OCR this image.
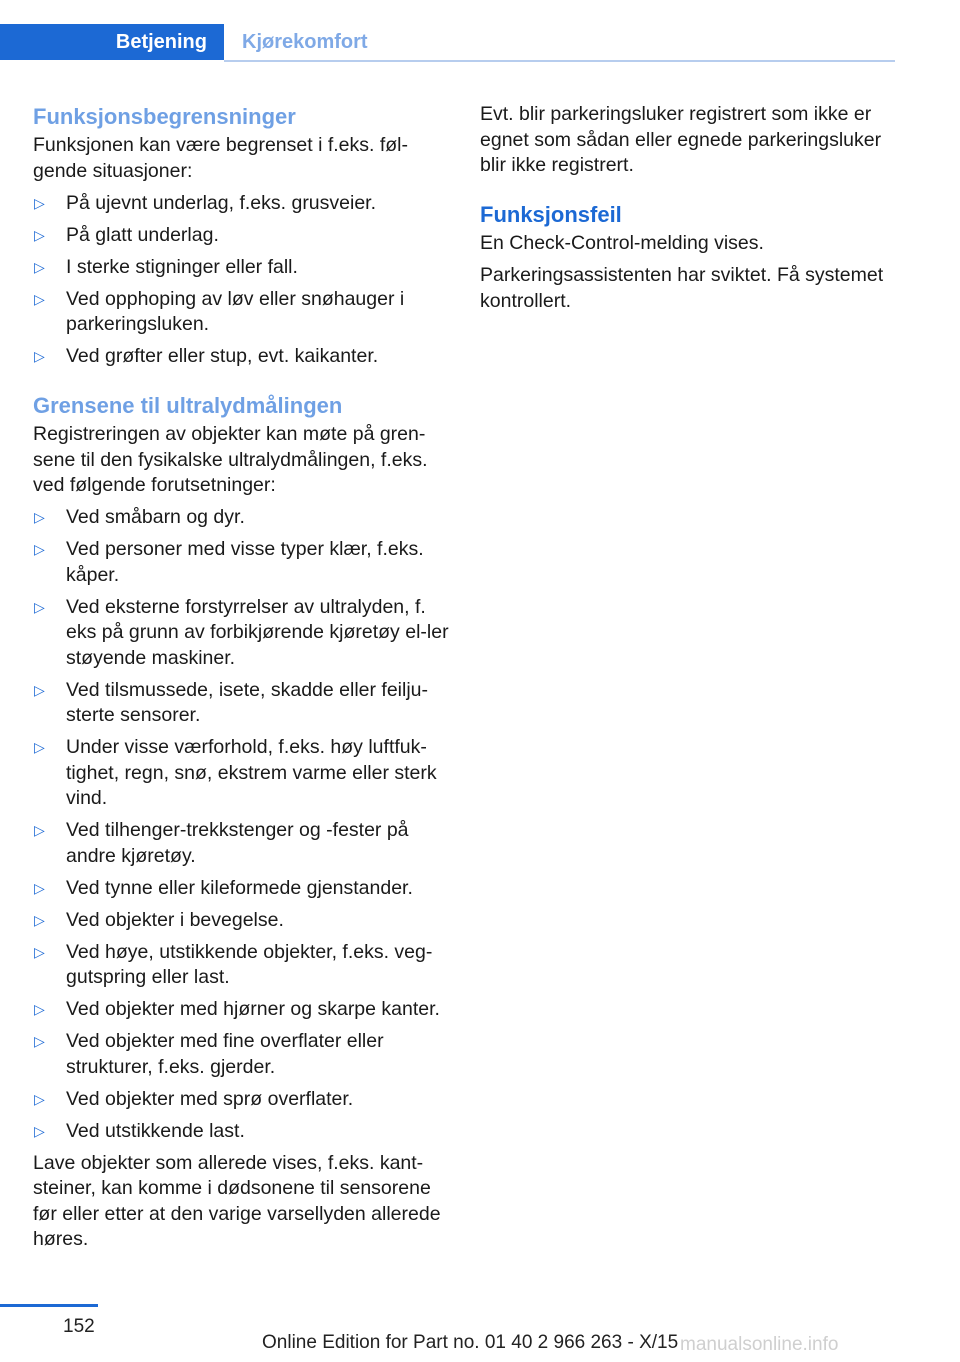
Betjening Kjørekomfort
Funksjonsbegrensninger

Funksjonen kan være begrenset i f.eks. føl-gende situasjoner:

▷ På ujevnt underlag, f.eks. grusveier.
▷ På glatt underlag.
▷ I sterke stigninger eller fall.
▷ Ved opphoping av løv eller snøhauger i parkeringsluken.
▷ Ved grøfter eller stup, evt. kaikanter.
Grensene til ultralydmålingen

Registreringen av objekter kan møte på gren-sene til den fysikalske ultralydmålingen, f.eks. ved følgende forutsetninger:

▷ Ved småbarn og dyr.
▷ Ved personer med visse typer klær, f.eks. kåper.
▷ Ved eksterne forstyrrelser av ultralyden, f. eks på grunn av forbikjørende kjøretøy el-ler støyende maskiner.
▷ Ved tilsmussede, isete, skadde eller feilju-sterte sensorer.
▷ Under visse værforhold, f.eks. høy luftfuk-tighet, regn, snø, ekstrem varme eller sterk vind.
▷ Ved tilhenger-trekkstenger og -fester på andre kjøretøy.
▷ Ved tynne eller kileformede gjenstander.
▷ Ved objekter i bevegelse.
▷ Ved høye, utstikkende objekter, f.eks. veg-gutspring eller last.
▷ Ved objekter med hjørner og skarpe kanter.
▷ Ved objekter med fine overflater eller strukturer, f.eks. gjerder.
▷ Ved objekter med sprø overflater.
▷ Ved utstikkende last.

Lave objekter som allerede vises, f.eks. kant-steiner, kan komme i dødsonene til sensorene før eller etter at den varige varsellyden allerede høres.

Evt. blir parkeringsluker registrert som ikke er egnet som sådan eller egnede parkeringsluker blir ikke registrert.

Funksjonsfeil

En Check-Control-melding vises.

Parkeringsassistenten har sviktet. Få systemet kontrollert.

152
Online Edition for Part no. 01 40 2 966 263 - X/15 manualsonline.info
